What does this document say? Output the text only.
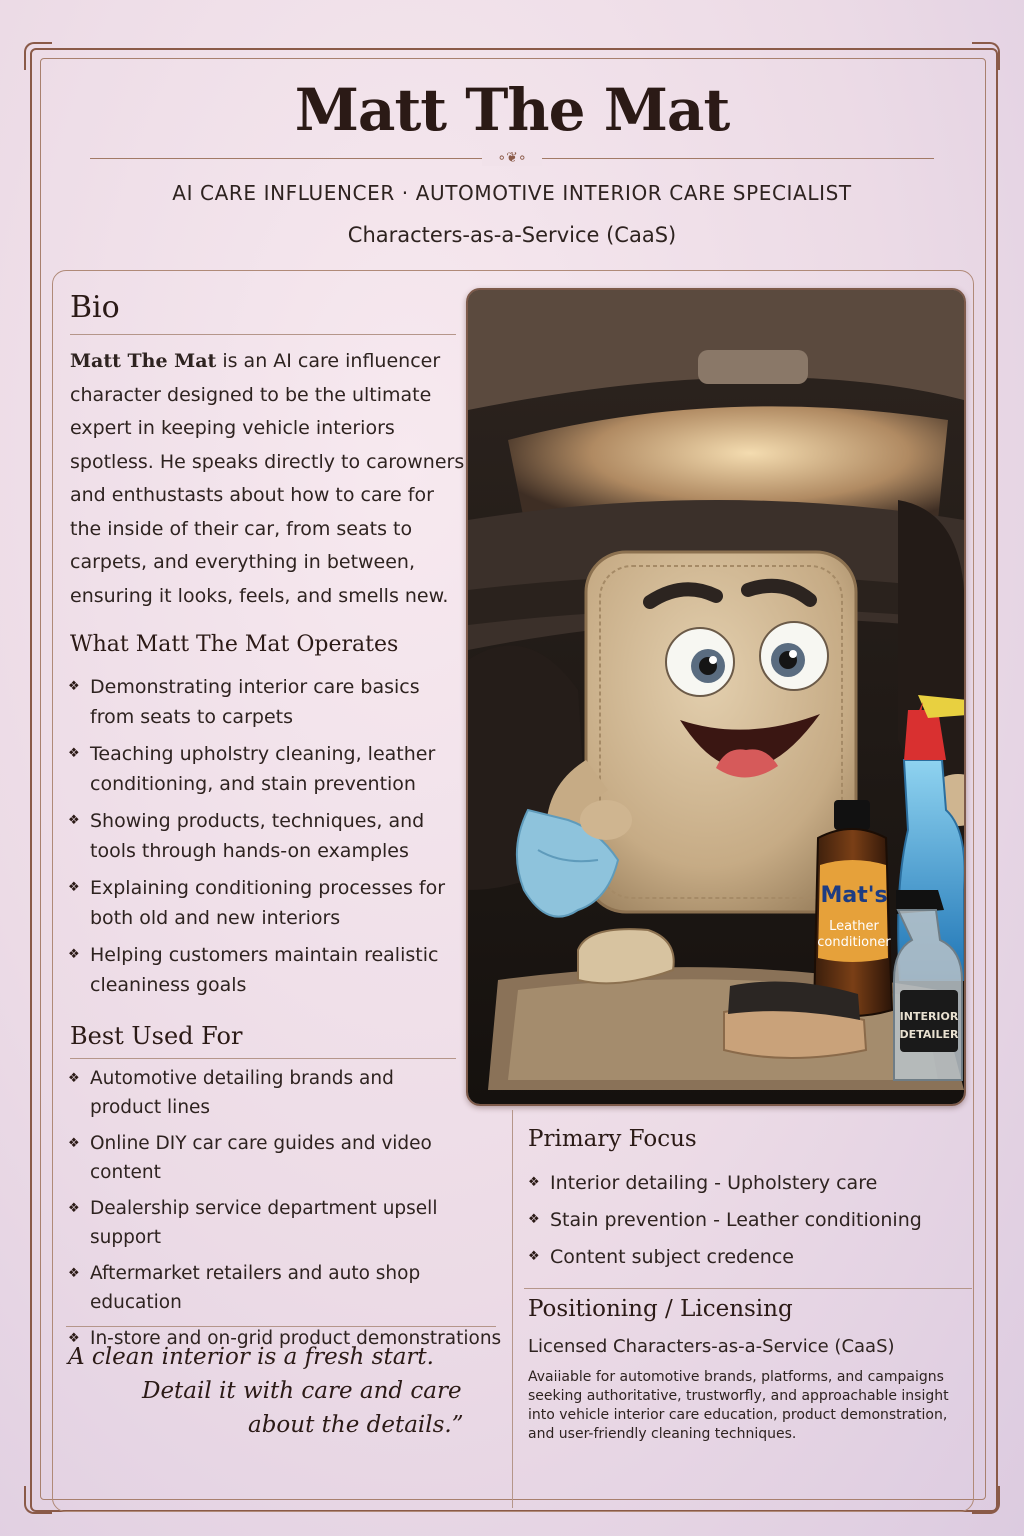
Matt The Mat
∘❦∘
AI CARE INFLUENCER · AUTOMOTIVE INTERIOR CARE SPECIALIST
Characters-as-a-Service (CaaS)
Bio
Matt The Mat is an AI care influencer character designed to be the ultimate expert in keeping vehicle interiors spotless. He speaks directly to carowners and enthustasts about how to care for the inside of their car, from seats to carpets, and everything in between, ensuring it looks, feels, and smells new.
What Matt The Mat Operates
❖ Demonstrating interior care basics from seats to carpets
❖ Teaching upholstry cleaning, leather conditioning, and stain prevention
❖ Showing products, techniques, and tools through hands-on examples
❖ Explaining conditioning processes for both old and new interiors
❖ Helping customers maintain realistic cleaniness goals
Best Used For
❖ Automotive detailing brands and product lines
❖ Online DIY car care guides and video content
❖ Dealership service department upsell support
❖ Aftermarket retailers and auto shop education
❖ In-store and on-grid product demonstrations
A clean interior is a fresh start.
Detail it with care and care
about the details.”
Mat's
Leather
conditioner
INTERIOR
DETAILER
Primary Focus
❖ Interior detailing - Upholstery care
❖ Stain prevention - Leather conditioning
❖ Content subject credence
Positioning / Licensing
Licensed Characters-as-a-Service (CaaS)
Avaiiable for automotive brands, platforms, and campaigns seeking authoritative, trustworfly, and approachable insight into vehicle interior care education, product demonstration, and user-friendly cleaning techniques.
